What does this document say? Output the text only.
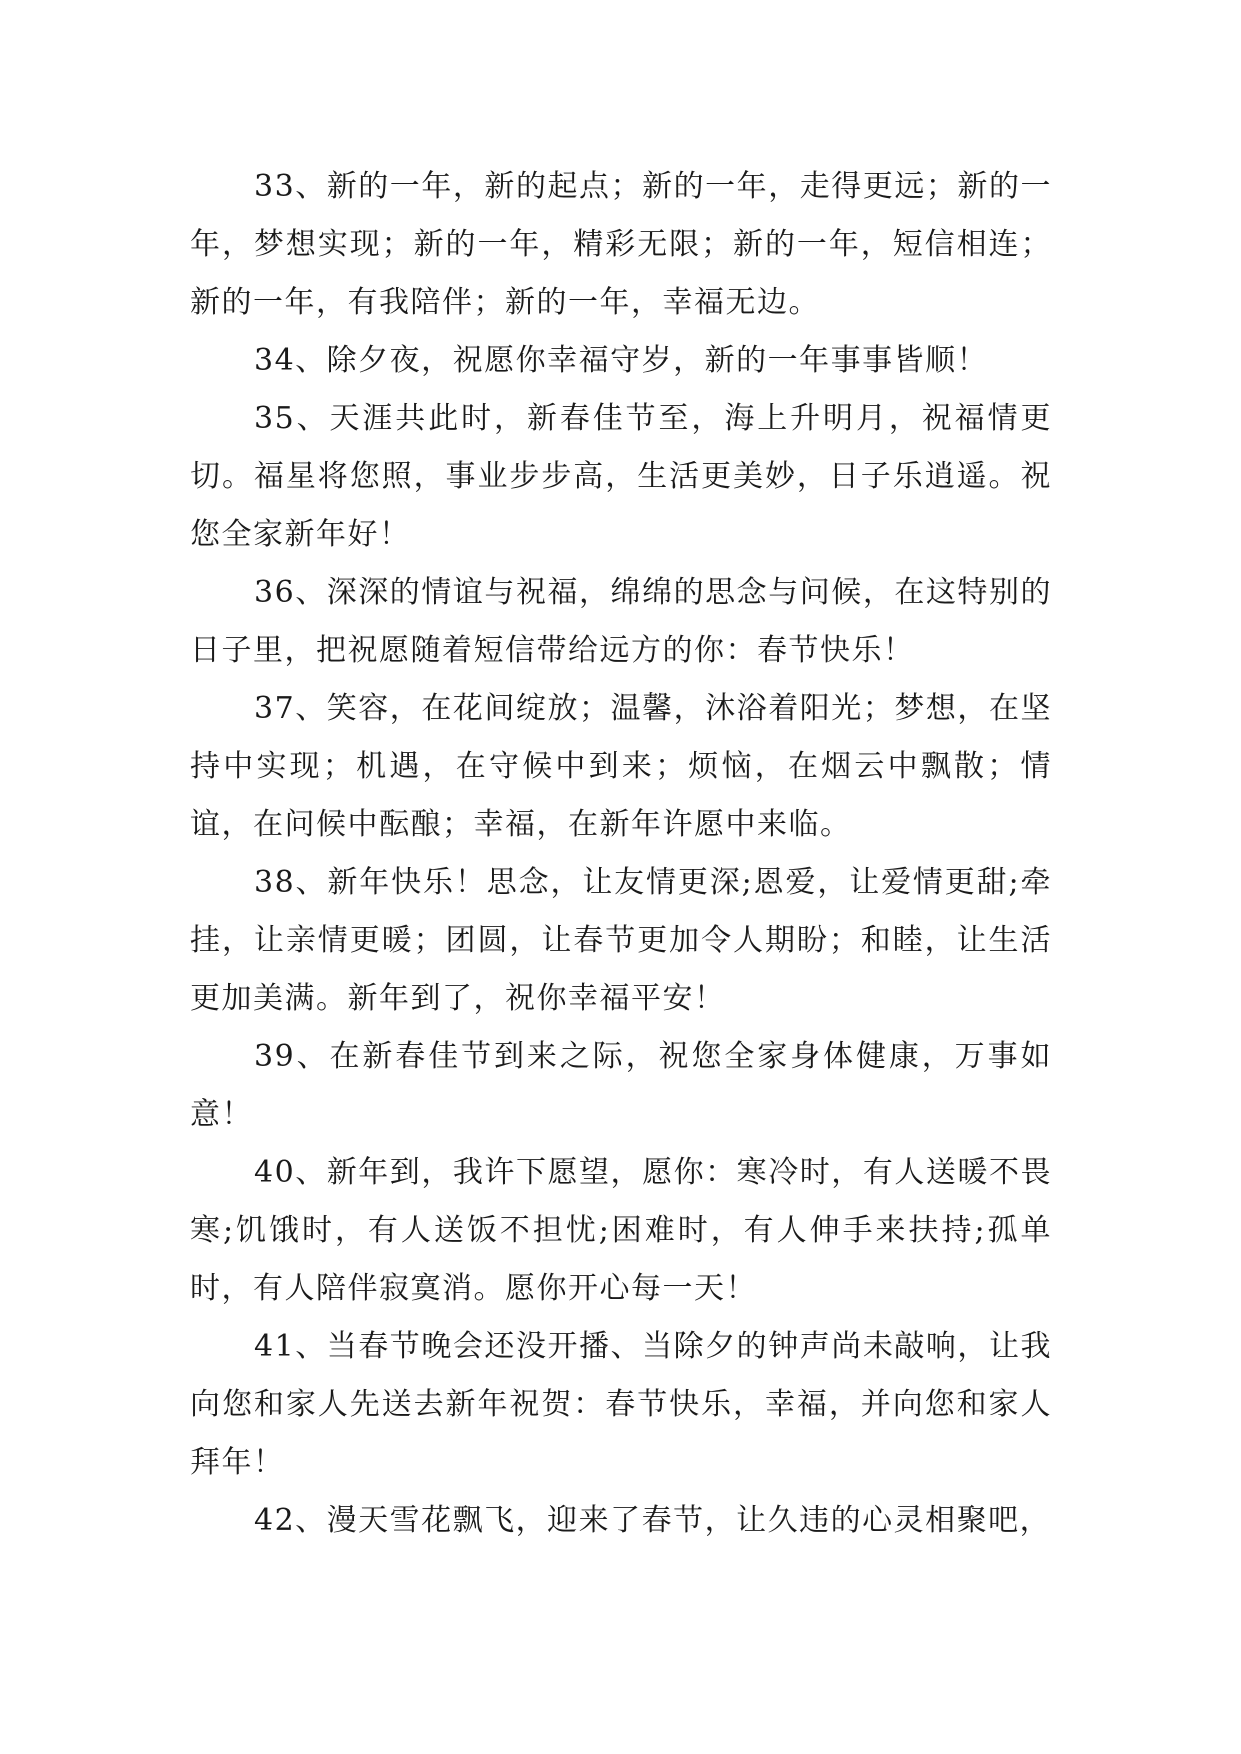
33、新的一年，新的起点；新的一年，走得更远；新的一年，梦想实现；新的一年，精彩无限；新的一年，短信相连；新的一年，有我陪伴；新的一年，幸福无边。

34、除夕夜，祝愿你幸福守岁，新的一年事事皆顺！

35、天涯共此时，新春佳节至，海上升明月，祝福情更切。福星将您照，事业步步高，生活更美妙，日子乐逍遥。祝您全家新年好！

36、深深的情谊与祝福，绵绵的思念与问候，在这特别的日子里，把祝愿随着短信带给远方的你：春节快乐！

37、笑容，在花间绽放；温馨，沐浴着阳光；梦想，在坚持中实现；机遇，在守候中到来；烦恼，在烟云中飘散；情谊，在问候中酝酿；幸福，在新年许愿中来临。

38、新年快乐！思念，让友情更深;恩爱，让爱情更甜;牵挂，让亲情更暖；团圆，让春节更加令人期盼；和睦，让生活更加美满。新年到了，祝你幸福平安！

39、在新春佳节到来之际，祝您全家身体健康，万事如意！

40、新年到，我许下愿望，愿你：寒冷时，有人送暖不畏寒;饥饿时，有人送饭不担忧;困难时，有人伸手来扶持;孤单时，有人陪伴寂寞消。愿你开心每一天！

41、当春节晚会还没开播、当除夕的钟声尚未敲响，让我向您和家人先送去新年祝贺：春节快乐，幸福，并向您和家人拜年！

42、漫天雪花飘飞，迎来了春节，让久违的心灵相聚吧，
